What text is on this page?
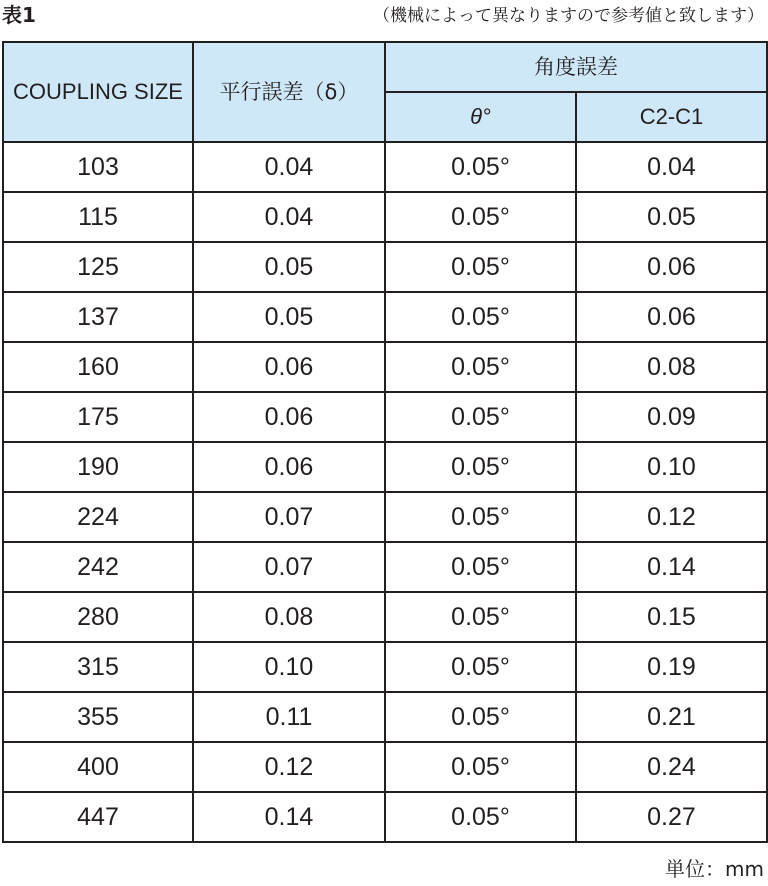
表1	（機械によって異なりますので参考値と致します）
COUPLING SIZE	平行誤差（δ）	角度誤差	
		θ°	C2-C1
103	0.04	0.05°	0.04
115	0.04	0.05°	0.05
125	0.05	0.05°	0.06
137	0.05	0.05°	0.06
160	0.06	0.05°	0.08
175	0.06	0.05°	0.09
190	0.06	0.05°	0.10
224	0.07	0.05°	0.12
242	0.07	0.05°	0.14
280	0.08	0.05°	0.15
315	0.10	0.05°	0.19
355	0.11	0.05°	0.21
400	0.12	0.05°	0.24
447	0.14	0.05°	0.27
単位：mm
